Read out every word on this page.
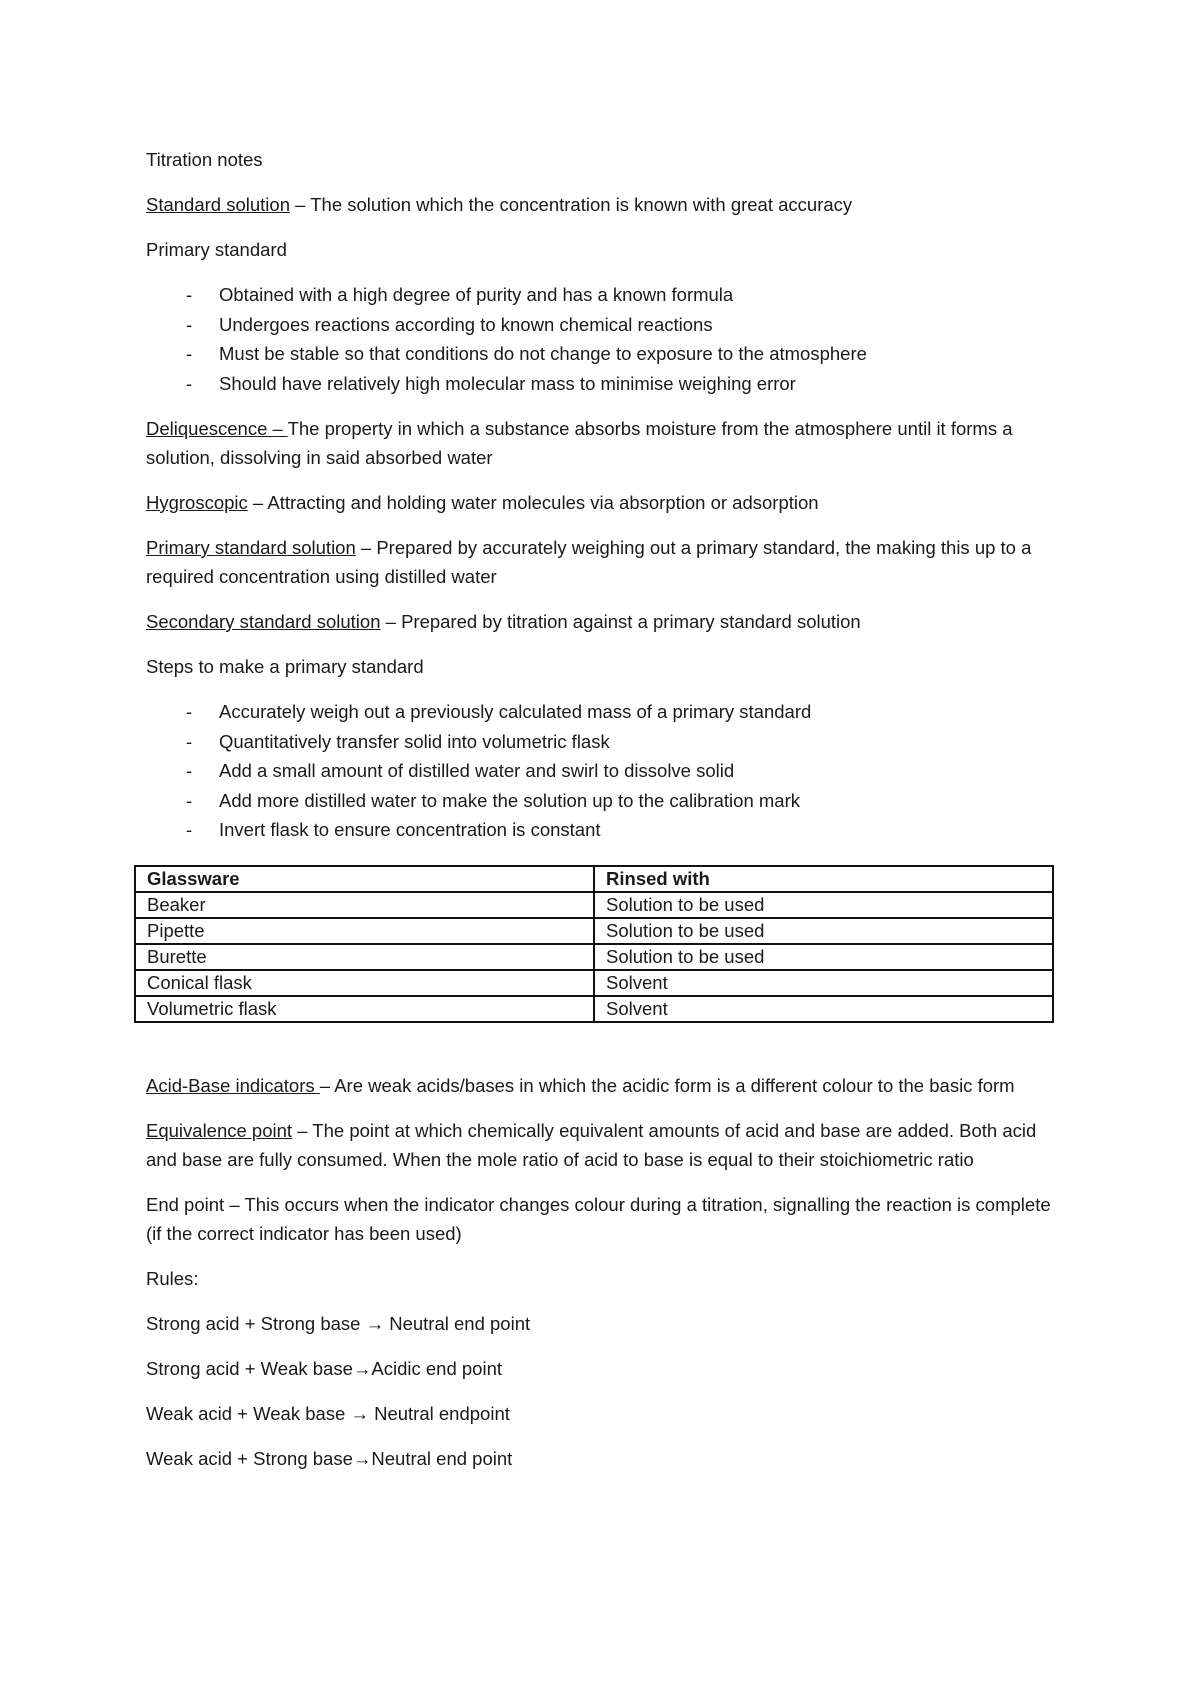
Titration notes

Standard solution – The solution which the concentration is known with great accuracy

Primary standard

- Obtained with a high degree of purity and has a known formula
- Undergoes reactions according to known chemical reactions
- Must be stable so that conditions do not change to exposure to the atmosphere
- Should have relatively high molecular mass to minimise weighing error

Deliquescence – The property in which a substance absorbs moisture from the atmosphere until it forms a solution, dissolving in said absorbed water

Hygroscopic – Attracting and holding water molecules via absorption or adsorption

Primary standard solution – Prepared by accurately weighing out a primary standard, the making this up to a required concentration using distilled water

Secondary standard solution – Prepared by titration against a primary standard solution

Steps to make a primary standard

- Accurately weigh out a previously calculated mass of a primary standard
- Quantitatively transfer solid into volumetric flask
- Add a small amount of distilled water and swirl to dissolve solid
- Add more distilled water to make the solution up to the calibration mark
- Invert flask to ensure concentration is constant
Glassware	Rinsed with
Beaker	Solution to be used
Pipette	Solution to be used
Burette	Solution to be used
Conical flask	Solvent
Volumetric flask	Solvent

Acid-Base indicators – Are weak acids/bases in which the acidic form is a different colour to the basic form

Equivalence point – The point at which chemically equivalent amounts of acid and base are added. Both acid and base are fully consumed. When the mole ratio of acid to base is equal to their stoichiometric ratio

End point – This occurs when the indicator changes colour during a titration, signalling the reaction is complete (if the correct indicator has been used)

Rules:

Strong acid + Strong base → Neutral end point

Strong acid + Weak base→Acidic end point

Weak acid + Weak base → Neutral endpoint

Weak acid + Strong base→Neutral end point
